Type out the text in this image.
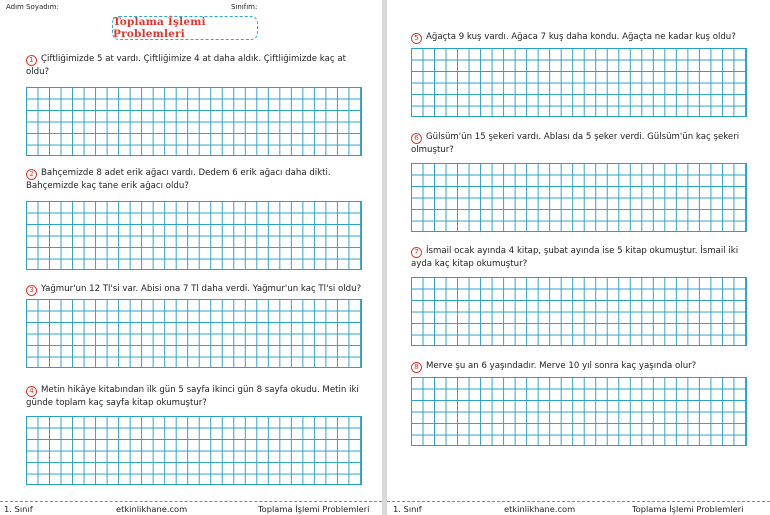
Adım Soyadım:	Sınıfım:
Toplama İşlemi Problemleri
1 Çiftliğimizde 5 at vardı. Çiftliğimize 4 at daha aldık. Çiftliğimizde kaç at oldu?
2 Bahçemizde 8 adet erik ağacı vardı. Dedem 6 erik ağacı daha dikti. Bahçemizde kaç tane erik ağacı oldu?
3 Yağmur'un 12 Tl'si var. Abisi ona 7 Tl daha verdi. Yağmur'un kaç Tl'si oldu?
4 Metin hikâye kitabından ilk gün 5 sayfa ikinci gün 8 sayfa okudu. Metin iki günde toplam kaç sayfa kitap okumuştur?
1. Sınıf	etkinlikhane.com	Toplama İşlemi Problemleri
5 Ağaçta 9 kuş vardı. Ağaca 7 kuş daha kondu. Ağaçta ne kadar kuş oldu?
6 Gülsüm'ün 15 şekeri vardı. Ablası da 5 şeker verdi. Gülsüm'ün kaç şekeri olmuştur?
7 İsmail ocak ayında 4 kitap, şubat ayında ise 5 kitap okumuştur. İsmail iki ayda kaç kitap okumuştur?
8 Merve şu an 6 yaşındadır. Merve 10 yıl sonra kaç yaşında olur?
1. Sınıf	etkinlikhane.com	Toplama İşlemi Problemleri
